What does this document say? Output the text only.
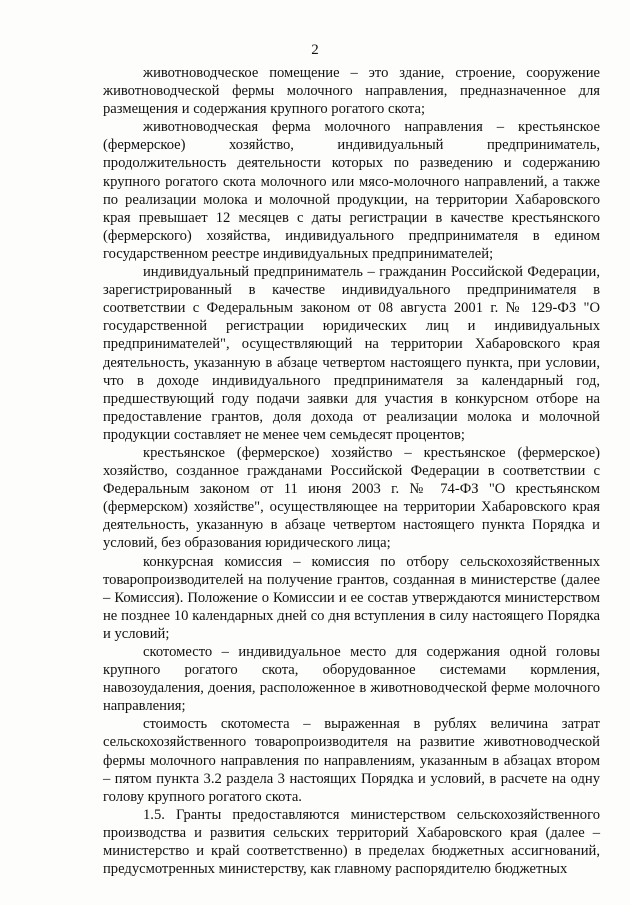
2

животноводческое помещение – это здание, строение, сооружение животноводческой фермы молочного направления, предназначенное для размещения и содержания крупного рогатого скота;

животноводческая ферма молочного направления – крестьянское (фермерское) хозяйство, индивидуальный предприниматель, продолжительность деятельности которых по разведению и содержанию крупного рогатого скота молочного или мясо-молочного направлений, а также по реализации молока и молочной продукции, на территории Хабаровского края превышает 12 месяцев с даты регистрации в качестве крестьянского (фермерского) хозяйства, индивидуального предпринимателя в едином государственном реестре индивидуальных предпринимателей;

индивидуальный предприниматель – гражданин Российской Федерации, зарегистрированный в качестве индивидуального предпринимателя в соответствии с Федеральным законом от 08 августа 2001 г. № 129-ФЗ "О государственной регистрации юридических лиц и индивидуальных предпринимателей", осуществляющий на территории Хабаровского края деятельность, указанную в абзаце четвертом настоящего пункта, при условии, что в доходе индивидуального предпринимателя за календарный год, предшествующий году подачи заявки для участия в конкурсном отборе на предоставление грантов, доля дохода от реализации молока и молочной продукции составляет не менее чем семьдесят процентов;

крестьянское (фермерское) хозяйство – крестьянское (фермерское) хозяйство, созданное гражданами Российской Федерации в соответствии с Федеральным законом от 11 июня 2003 г. № 74-ФЗ "О крестьянском (фермерском) хозяйстве", осуществляющее на территории Хабаровского края деятельность, указанную в абзаце четвертом настоящего пункта Порядка и условий, без образования юридического лица;

конкурсная комиссия – комиссия по отбору сельскохозяйственных товаропроизводителей на получение грантов, созданная в министерстве (далее – Комиссия). Положение о Комиссии и ее состав утверждаются министерством не позднее 10 календарных дней со дня вступления в силу настоящего Порядка и условий;

скотоместо – индивидуальное место для содержания одной головы крупного рогатого скота, оборудованное системами кормления, навозоудаления, доения, расположенное в животноводческой ферме молочного направления;

стоимость скотоместа – выраженная в рублях величина затрат сельскохозяйственного товаропроизводителя на развитие животноводческой фермы молочного направления по направлениям, указанным в абзацах втором – пятом пункта 3.2 раздела 3 настоящих Порядка и условий, в расчете на одну голову крупного рогатого скота.

1.5. Гранты предоставляются министерством сельскохозяйственного производства и развития сельских территорий Хабаровского края (далее – министерство и край соответственно) в пределах бюджетных ассигнований, предусмотренных министерству, как главному распорядителю бюджетных
